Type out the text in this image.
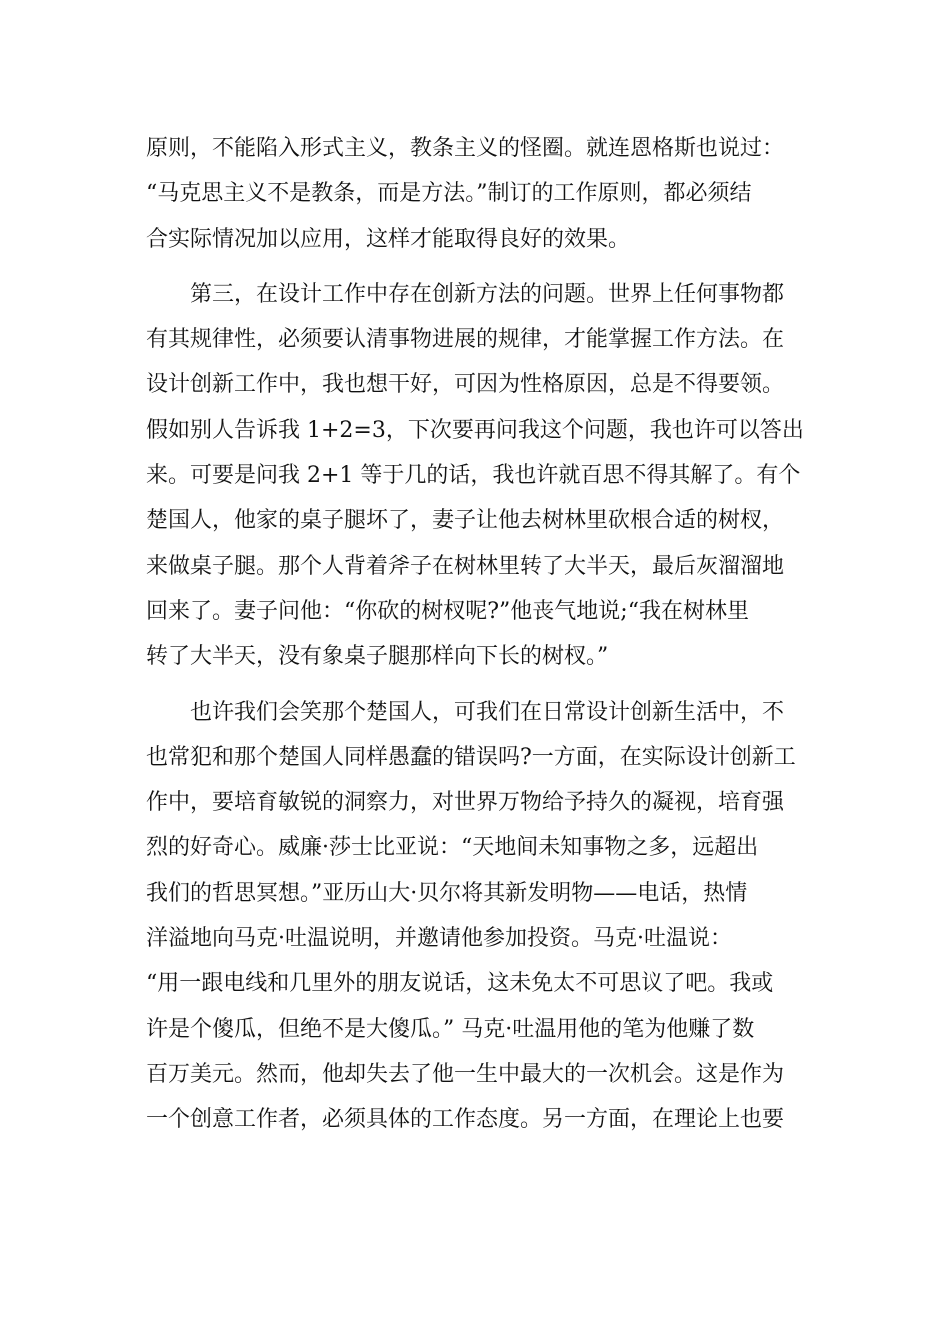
原则，不能陷入形式主义，教条主义的怪圈。就连恩格斯也说过：
“马克思主义不是教条，而是方法。”制订的工作原则，都必须结
合实际情况加以应用，这样才能取得良好的效果。
　　第三，在设计工作中存在创新方法的问题。世界上任何事物都
有其规律性，必须要认清事物进展的规律，才能掌握工作方法。在
设计创新工作中，我也想干好，可因为性格原因，总是不得要领。
假如别人告诉我 1+2=3，下次要再问我这个问题，我也许可以答出
来。可要是问我 2+1 等于几的话，我也许就百思不得其解了。有个
楚国人，他家的桌子腿坏了，妻子让他去树林里砍根合适的树杈，
来做桌子腿。那个人背着斧子在树林里转了大半天，最后灰溜溜地
回来了。妻子问他：“你砍的树杈呢?”他丧气地说;“我在树林里
转了大半天，没有象桌子腿那样向下长的树杈。”
　　也许我们会笑那个楚国人，可我们在日常设计创新生活中，不
也常犯和那个楚国人同样愚蠢的错误吗?一方面，在实际设计创新工
作中，要培育敏锐的洞察力，对世界万物给予持久的凝视，培育强
烈的好奇心。威廉·莎士比亚说：“天地间未知事物之多，远超出
我们的哲思冥想。”亚历山大·贝尔将其新发明物——电话，热情
洋溢地向马克·吐温说明，并邀请他参加投资。马克·吐温说：
“用一跟电线和几里外的朋友说话，这未免太不可思议了吧。我或
许是个傻瓜，但绝不是大傻瓜。” 马克·吐温用他的笔为他赚了数
百万美元。然而，他却失去了他一生中最大的一次机会。这是作为
一个创意工作者，必须具体的工作态度。另一方面，在理论上也要
